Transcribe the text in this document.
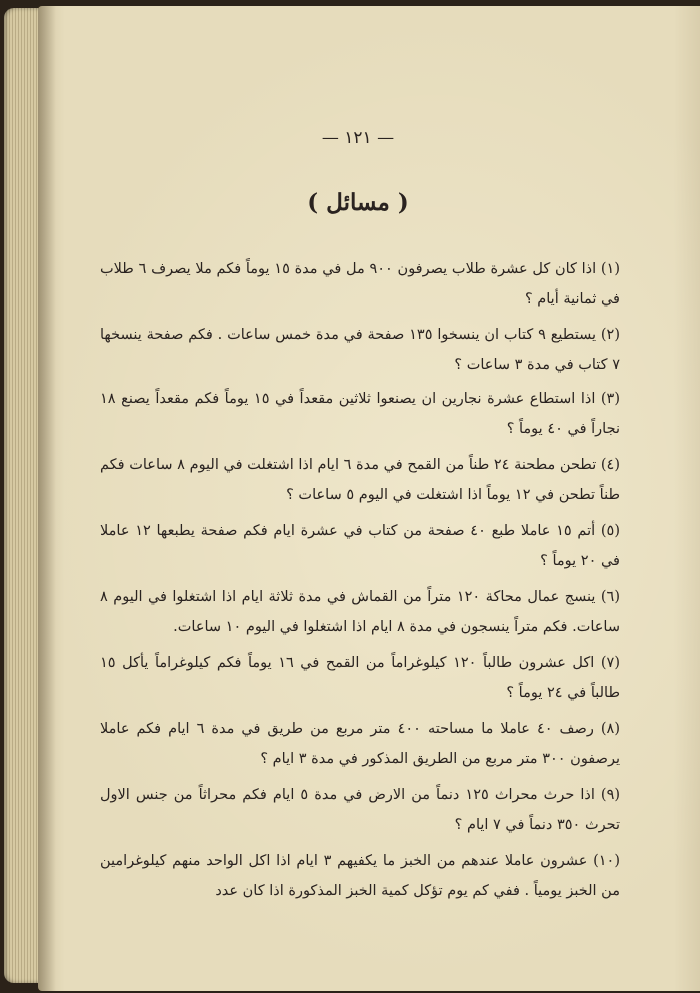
— ١٢١ —
( مسائل )
(١) اذا كان كل عشرة طلاب يصرفون ٩٠٠ مل في مدة ١٥ يوماً فكم ملا يصرف ٦ طلاب في ثمانية أيام ؟
(٢) يستطيع ٩ كتاب ان ينسخوا ١٣٥ صفحة في مدة خمس ساعات . فكم صفحة ينسخها ٧ كتاب في مدة ٣ ساعات ؟
(٣) اذا استطاع عشرة نجارين ان يصنعوا ثلاثين مقعداً في ١٥ يوماً فكم مقعداً يصنع ١٨ نجاراً في ٤٠ يوماً ؟
(٤) تطحن مطحنة ٢٤ طناً من القمح في مدة ٦ ايام اذا اشتغلت في اليوم ٨ ساعات فكم طناً تطحن في ١٢ يوماً اذا اشتغلت في اليوم ٥ ساعات ؟
(٥) أتم ١٥ عاملا طبع ٤٠ صفحة من كتاب في عشرة ايام فكم صفحة يطبعها ١٢ عاملا في ٢٠ يوماً ؟
(٦) ينسج عمال محاكة ١٢٠ متراً من القماش في مدة ثلاثة ايام اذا اشتغلوا في اليوم ٨ ساعات. فكم متراً ينسجون في مدة ٨ ايام اذا اشتغلوا في اليوم ١٠ ساعات.
(٧) اكل عشرون طالباً ١٢٠ كيلوغراماً من القمح في ١٦ يوماً فكم كيلوغراماً يأكل ١٥ طالباً في ٢٤ يوماً ؟
(٨) رصف ٤٠ عاملا ما مساحته ٤٠٠ متر مربع من طريق في مدة ٦ ايام فكم عاملا يرصفون ٣٠٠ متر مربع من الطريق المذكور في مدة ٣ ايام ؟
(٩) اذا حرث محراث ١٢٥ دنماً من الارض في مدة ٥ ايام فكم محراثاً من جنس الاول تحرث ٣٥٠ دنماً في ٧ ايام ؟
(١٠) عشرون عاملا عندهم من الخبز ما يكفيهم ٣ ايام اذا اكل الواحد منهم كيلوغرامين من الخبز يومياً . ففي كم يوم تؤكل كمية الخبز المذكورة اذا كان عدد
